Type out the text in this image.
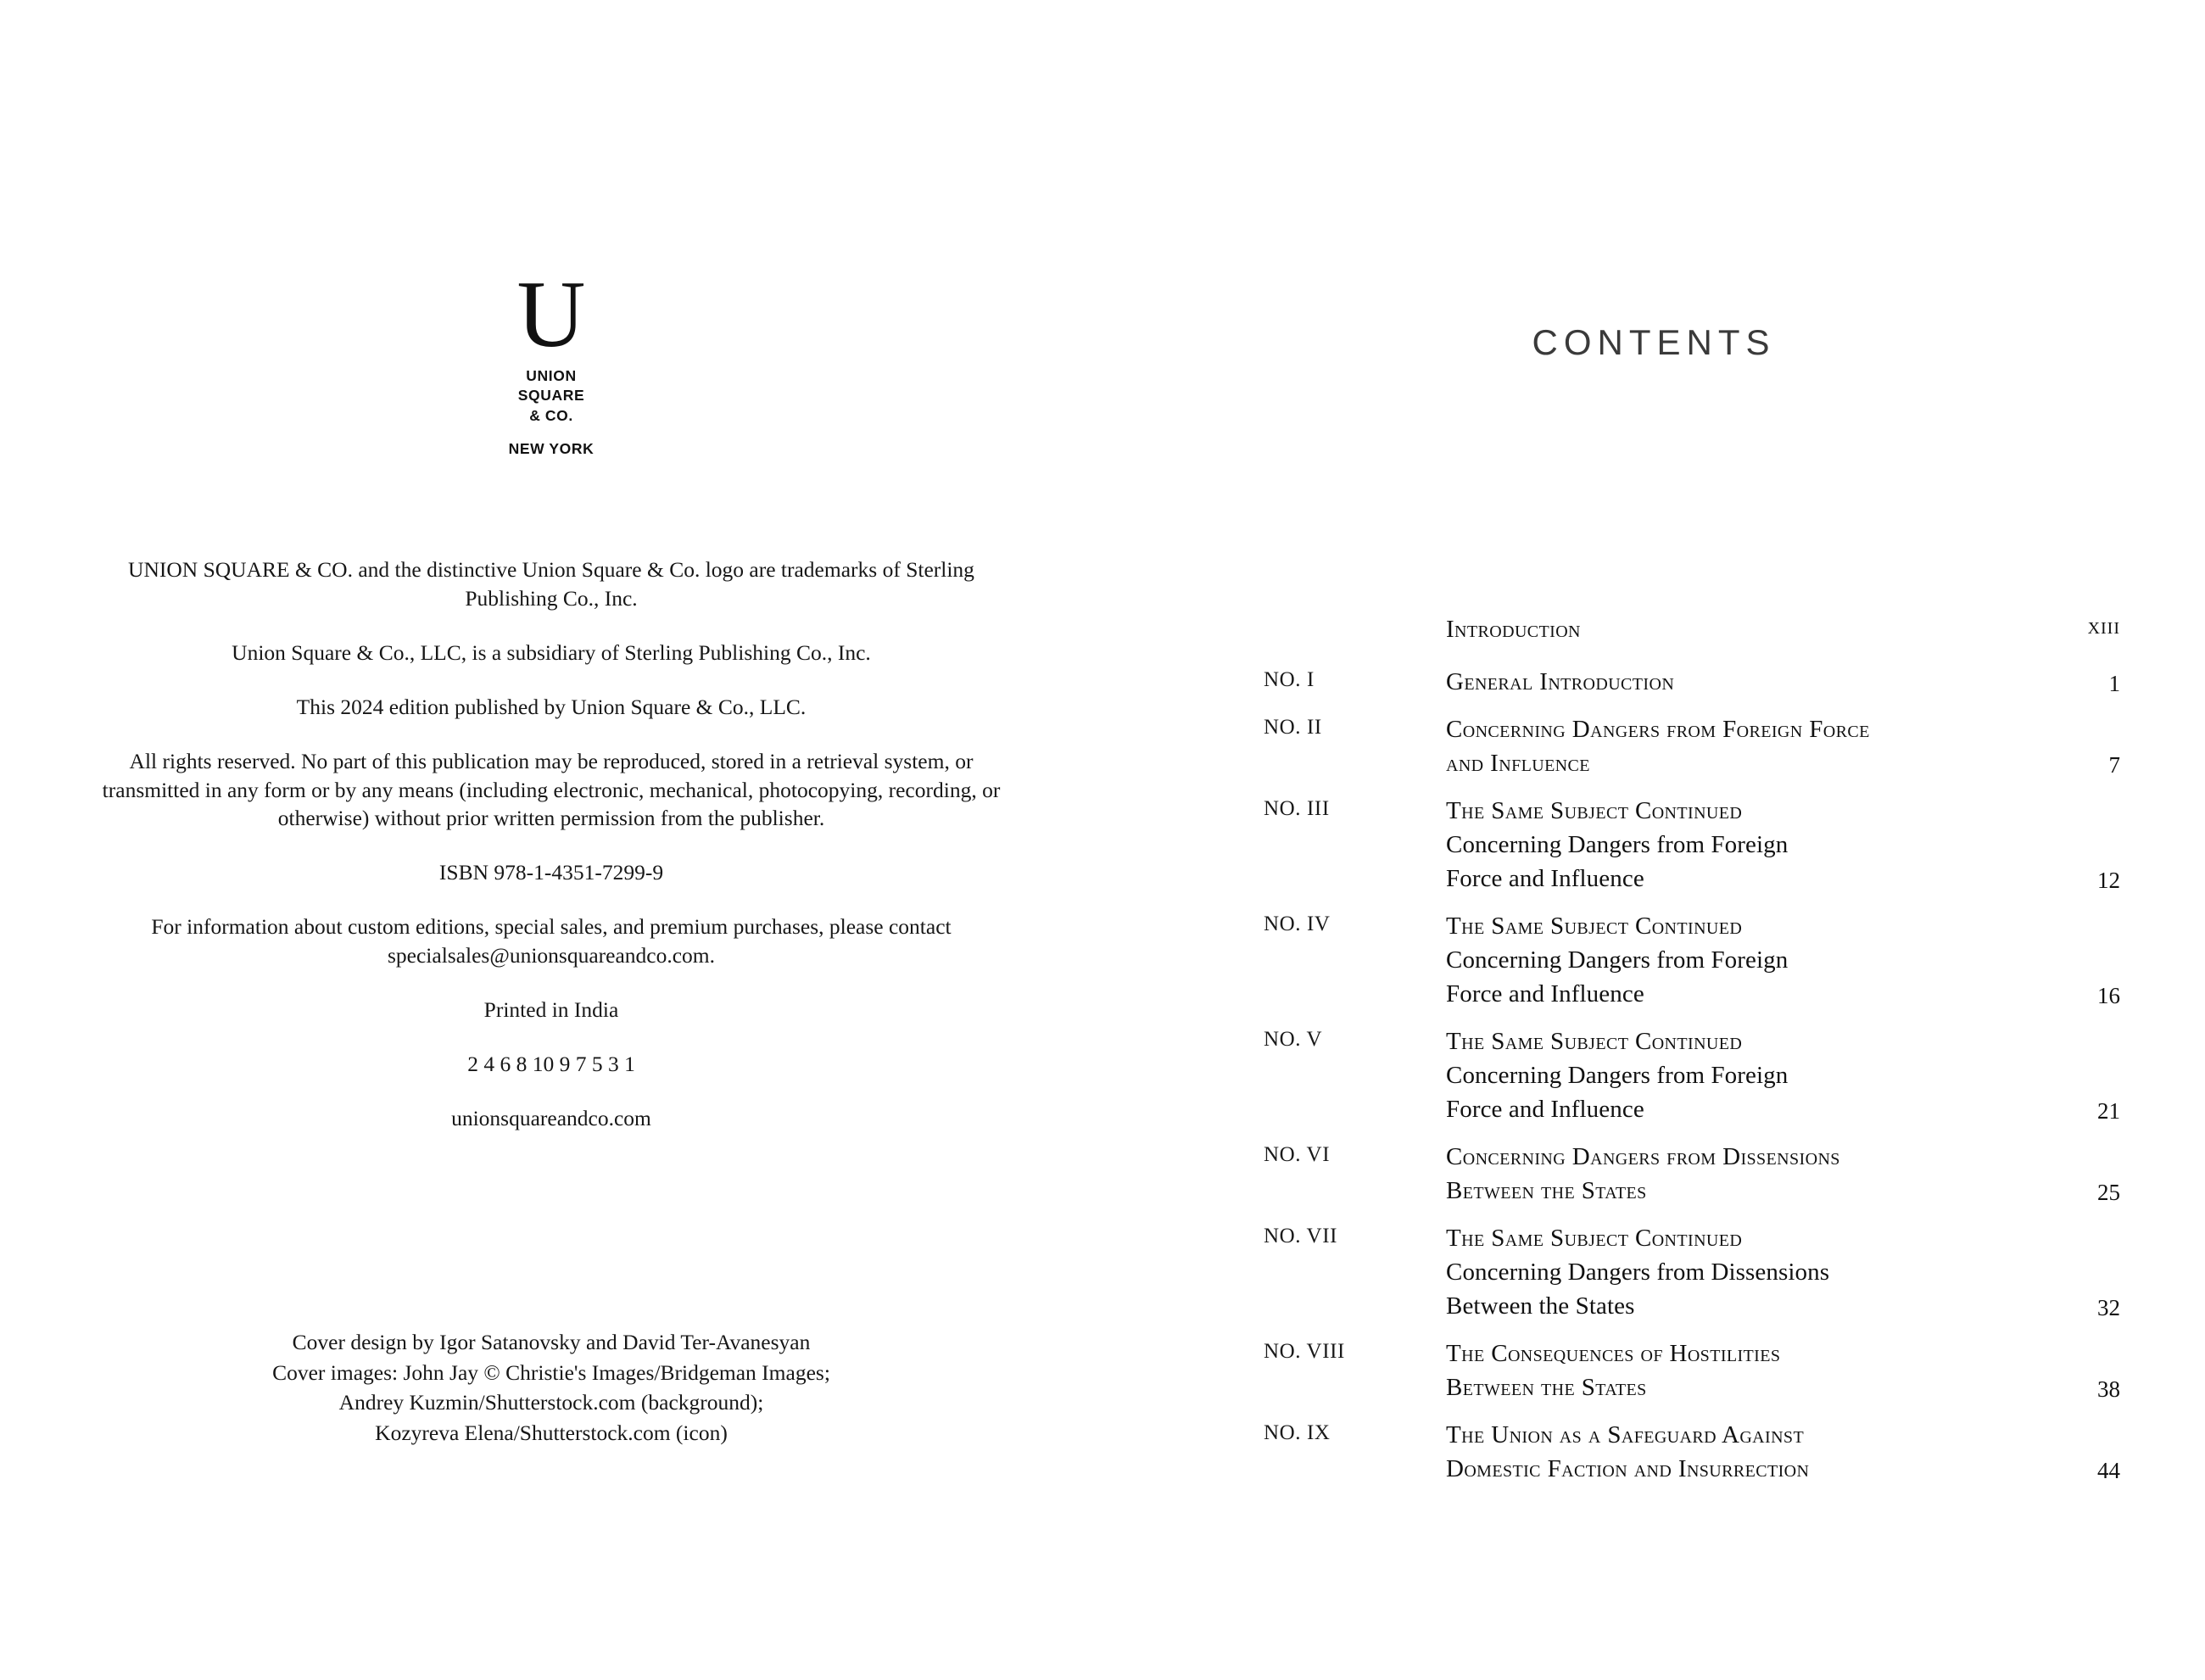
U
UNION
SQUARE
& CO.
NEW YORK

UNION SQUARE & CO. and the distinctive Union Square & Co. logo are trademarks of Sterling Publishing Co., Inc.

Union Square & Co., LLC, is a subsidiary of Sterling Publishing Co., Inc.

This 2024 edition published by Union Square & Co., LLC.

All rights reserved. No part of this publication may be reproduced, stored in a retrieval system, or transmitted in any form or by any means (including electronic, mechanical, photocopying, recording, or otherwise) without prior written permission from the publisher.

ISBN 978-1-4351-7299-9

For information about custom editions, special sales, and premium purchases, please contact specialsales@unionsquareandco.com.

Printed in India

2 4 6 8 10 9 7 5 3 1

unionsquareandco.com

Cover design by Igor Satanovsky and David Ter-Avanesyan

Cover images: John Jay © Christie's Images/Bridgeman Images;

Andrey Kuzmin/Shutterstock.com (background);

Kozyreva Elena/Shutterstock.com (icon)

CONTENTS
Introduction	XIII
NO. I	General Introduction	1
NO. II	Concerning Dangers from Foreign Force
and Influence	7
NO. III	The Same Subject Continued
Concerning Dangers from Foreign
Force and Influence	12
NO. IV	The Same Subject Continued
Concerning Dangers from Foreign
Force and Influence	16
NO. V	The Same Subject Continued
Concerning Dangers from Foreign
Force and Influence	21
NO. VI	Concerning Dangers from Dissensions
Between the States	25
NO. VII	The Same Subject Continued
Concerning Dangers from Dissensions
Between the States	32
NO. VIII	The Consequences of Hostilities
Between the States	38
NO. IX	The Union as a Safeguard Against
Domestic Faction and Insurrection	44
